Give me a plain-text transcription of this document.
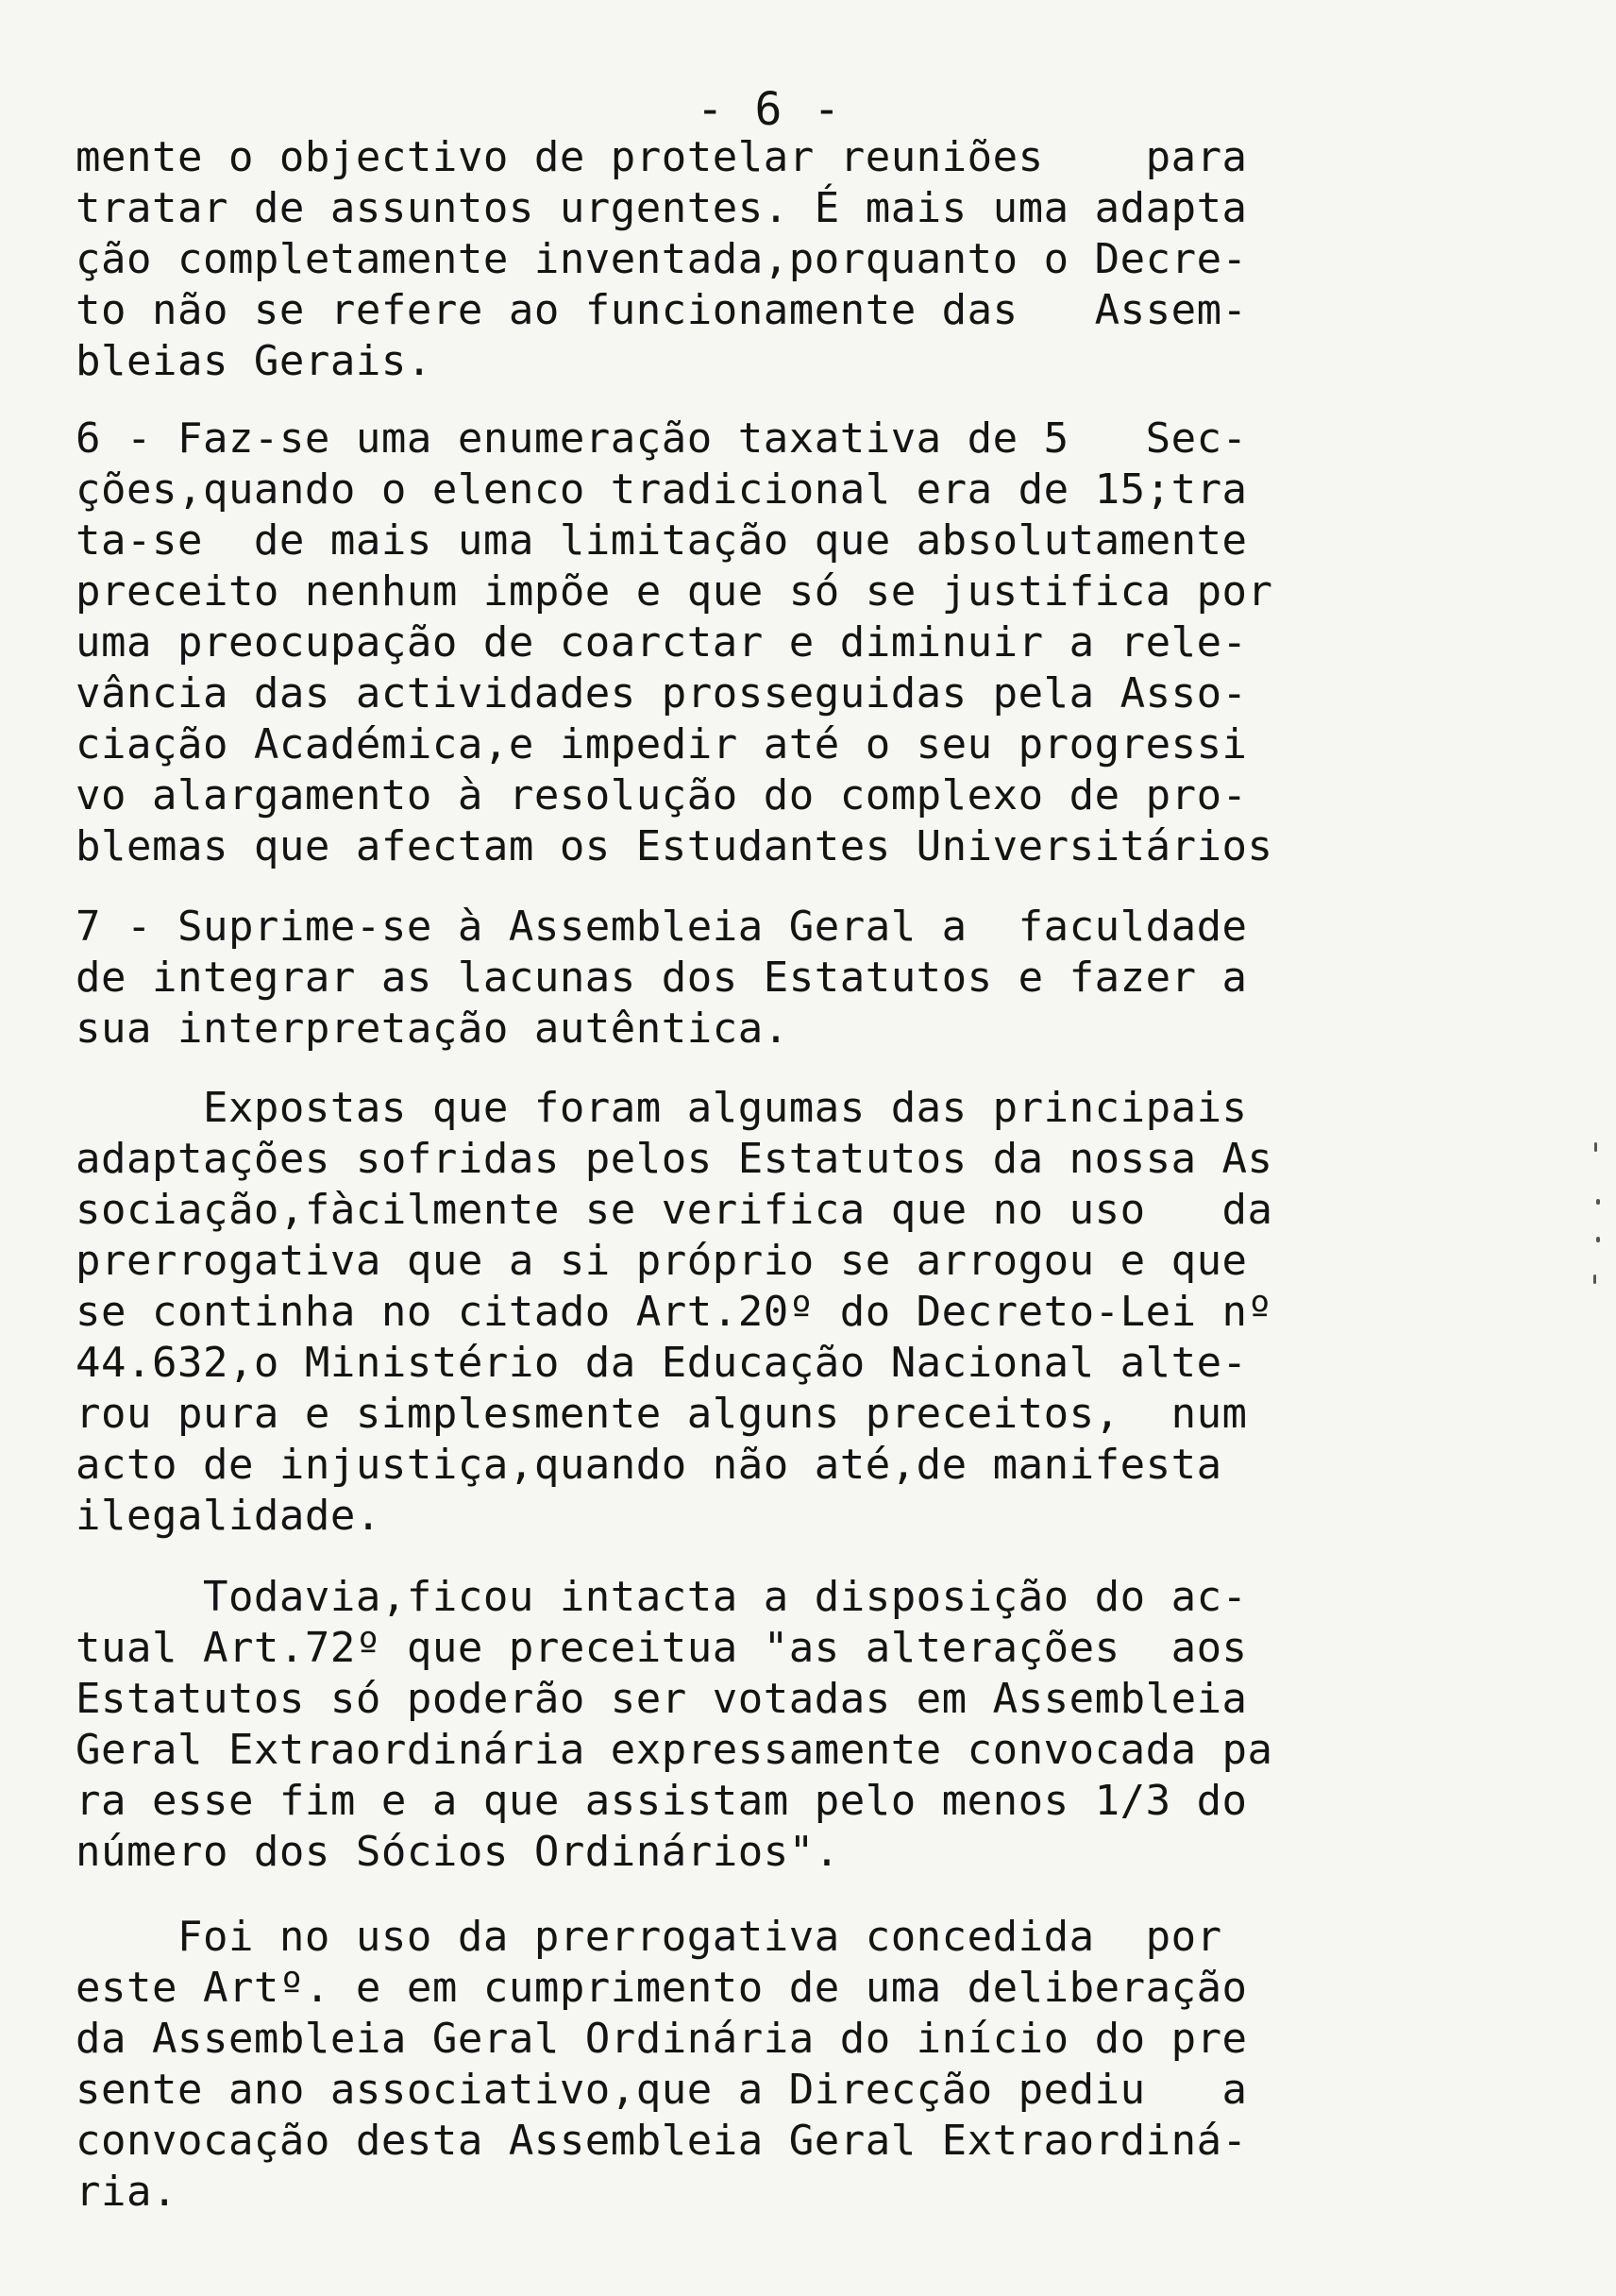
- 6 -
mente o objectivo de protelar reuniões    para
tratar de assuntos urgentes. É mais uma adapta
ção completamente inventada,porquanto o Decre-
to não se refere ao funcionamente das   Assem-
bleias Gerais.
6 - Faz-se uma enumeração taxativa de 5   Sec-
ções,quando o elenco tradicional era de 15;tra
ta-se  de mais uma limitação que absolutamente
preceito nenhum impõe e que só se justifica por
uma preocupação de coarctar e diminuir a rele-
vância das actividades prosseguidas pela Asso-
ciação Académica,e impedir até o seu progressi
vo alargamento à resolução do complexo de pro-
blemas que afectam os Estudantes Universitários
7 - Suprime-se à Assembleia Geral a  faculdade
de integrar as lacunas dos Estatutos e fazer a
sua interpretação autêntica.
Expostas que foram algumas das principais
adaptações sofridas pelos Estatutos da nossa As
sociação,fàcilmente se verifica que no uso   da
prerrogativa que a si próprio se arrogou e que
se continha no citado Art.20º do Decreto-Lei nº
44.632,o Ministério da Educação Nacional alte-
rou pura e simplesmente alguns preceitos,  num
acto de injustiça,quando não até,de manifesta
ilegalidade.
Todavia,ficou intacta a disposição do ac-
tual Art.72º que preceitua "as alterações  aos
Estatutos só poderão ser votadas em Assembleia
Geral Extraordinária expressamente convocada pa
ra esse fim e a que assistam pelo menos 1/3 do
número dos Sócios Ordinários".
Foi no uso da prerrogativa concedida  por
este Artº. e em cumprimento de uma deliberação
da Assembleia Geral Ordinária do início do pre
sente ano associativo,que a Direcção pediu   a
convocação desta Assembleia Geral Extraordiná-
ria.
